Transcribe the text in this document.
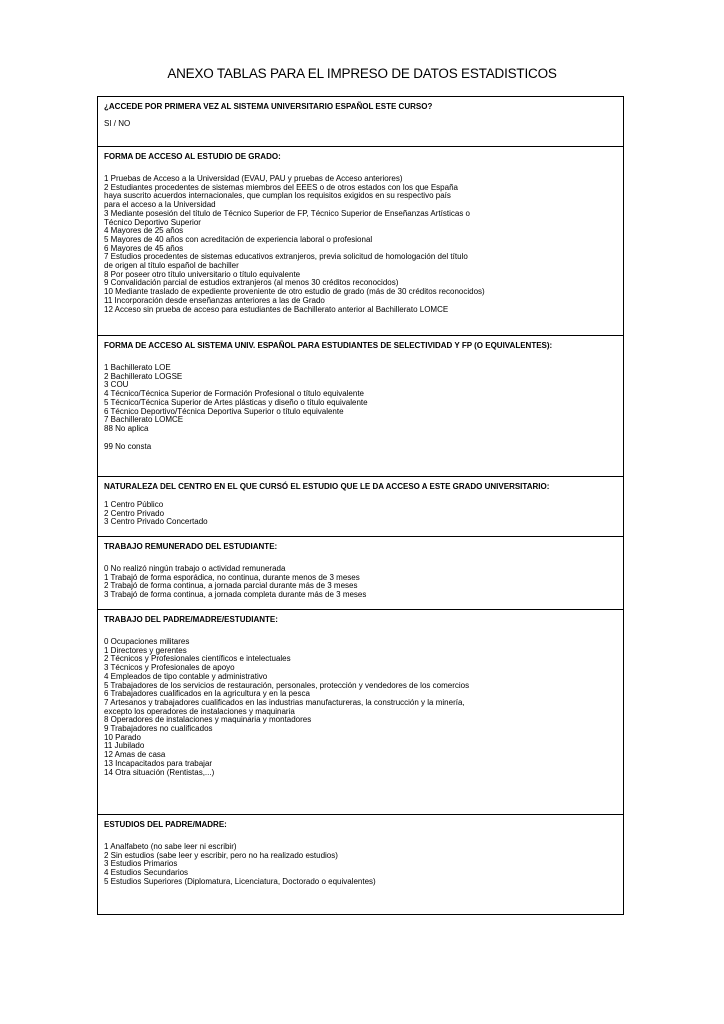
ANEXO TABLAS PARA EL IMPRESO DE DATOS ESTADISTICOS
¿ACCEDE POR PRIMERA VEZ AL SISTEMA UNIVERSITARIO ESPAÑOL ESTE CURSO?
SI / NO
FORMA DE ACCESO AL ESTUDIO DE GRADO:
1 Pruebas de Acceso a la Universidad (EVAU, PAU y pruebas de Acceso anteriores)
2 Estudiantes procedentes de sistemas miembros del EEES o de otros estados con los que España
haya suscrito acuerdos internacionales, que cumplan los requisitos exigidos en su respectivo país
para el acceso a la Universidad
3 Mediante posesión del título de Técnico Superior de FP, Técnico Superior de Enseñanzas Artísticas o
Técnico Deportivo Superior
4 Mayores de 25 años
5 Mayores de 40 años con acreditación de experiencia laboral o profesional
6 Mayores de 45 años
7 Estudios procedentes de sistemas educativos extranjeros, previa solicitud de homologación del título
de origen al título español de bachiller
8 Por poseer otro título universitario o título equivalente
9 Convalidación parcial de estudios extranjeros (al menos 30 créditos reconocidos)
10 Mediante traslado de expediente proveniente de otro estudio de grado (más de 30 créditos reconocidos)
11 Incorporación desde enseñanzas anteriores a las de Grado
12 Acceso sin prueba de acceso para estudiantes de Bachillerato anterior al Bachillerato LOMCE
FORMA DE ACCESO AL SISTEMA UNIV. ESPAÑOL PARA ESTUDIANTES DE SELECTIVIDAD Y FP (O EQUIVALENTES):
1 Bachillerato LOE
2 Bachillerato LOGSE
3 COU
4 Técnico/Técnica Superior de Formación Profesional o título equivalente
5 Técnico/Técnica Superior de Artes plásticas y diseño o título equivalente
6 Técnico Deportivo/Técnica Deportiva Superior o título equivalente
7 Bachillerato LOMCE
88 No aplica
99 No consta
NATURALEZA DEL CENTRO EN EL QUE CURSÓ EL ESTUDIO QUE LE DA ACCESO A ESTE GRADO UNIVERSITARIO:
1 Centro Público
2 Centro Privado
3 Centro Privado Concertado
TRABAJO REMUNERADO DEL ESTUDIANTE:
0 No realizó ningún trabajo o actividad remunerada
1 Trabajó de forma esporádica, no continua, durante menos de 3 meses
2 Trabajó de forma continua, a jornada parcial durante más de 3 meses
3 Trabajó de forma continua, a jornada completa durante más de 3 meses
TRABAJO DEL PADRE/MADRE/ESTUDIANTE:
0 Ocupaciones militares
1 Directores y gerentes
2 Técnicos y Profesionales científicos e intelectuales
3 Técnicos y Profesionales de apoyo
4 Empleados de tipo contable y administrativo
5 Trabajadores de los servicios de restauración, personales, protección y vendedores de los comercios
6 Trabajadores cualificados en la agricultura y en la pesca
7 Artesanos y trabajadores cualificados en las industrias manufactureras, la construcción y la minería,
excepto los operadores de instalaciones y maquinaria
8 Operadores de instalaciones y maquinaria y montadores
9 Trabajadores no cualificados
10 Parado
11 Jubilado
12 Amas de casa
13 Incapacitados para trabajar
14 Otra situación (Rentistas,...)
ESTUDIOS DEL PADRE/MADRE:
1 Analfabeto (no sabe leer ni escribir)
2 Sin estudios (sabe leer y escribir, pero no ha realizado estudios)
3 Estudios Primarios
4 Estudios Secundarios
5 Estudios Superiores (Diplomatura, Licenciatura, Doctorado o equivalentes)
